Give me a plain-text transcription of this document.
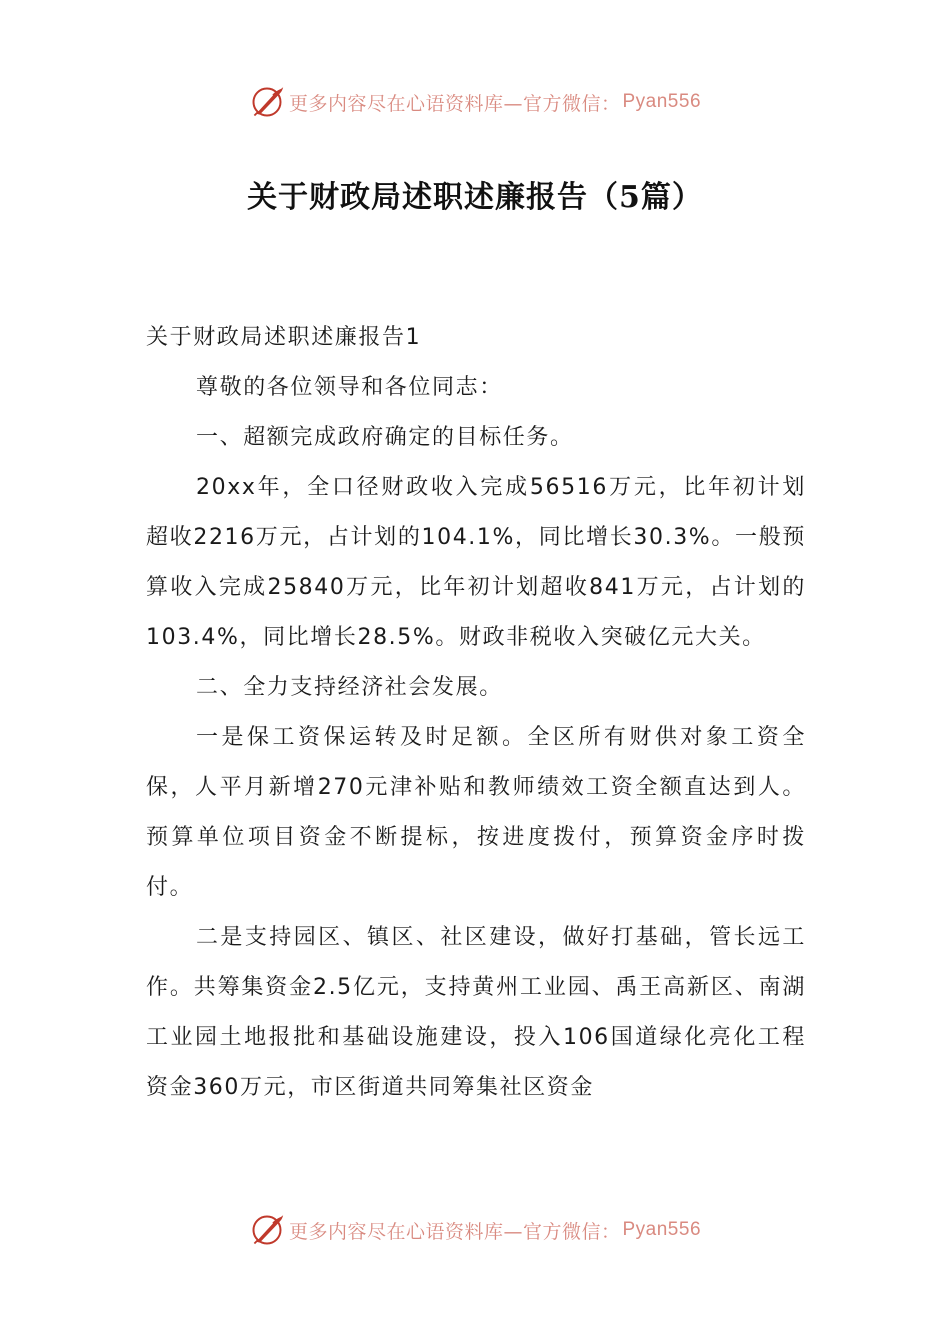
更多内容尽在心语资料库—官方微信： Pyan556
关于财政局述职述廉报告（5篇）

关于财政局述职述廉报告1

尊敬的各位领导和各位同志：

一、超额完成政府确定的目标任务。

20xx年，全口径财政收入完成56516万元，比年初计划超收2216万元，占计划的104.1%，同比增长30.3%。一般预算收入完成25840万元，比年初计划超收841万元，占计划的103.4%，同比增长28.5%。财政非税收入突破亿元大关。

二、全力支持经济社会发展。

一是保工资保运转及时足额。全区所有财供对象工资全保，人平月新增270元津补贴和教师绩效工资全额直达到人。预算单位项目资金不断提标，按进度拨付，预算资金序时拨付。

二是支持园区、镇区、社区建设，做好打基础，管长远工作。共筹集资金2.5亿元，支持黄州工业园、禹王高新区、南湖工业园土地报批和基础设施建设，投入106国道绿化亮化工程资金360万元，市区街道共同筹集社区资金

更多内容尽在心语资料库—官方微信： Pyan556
